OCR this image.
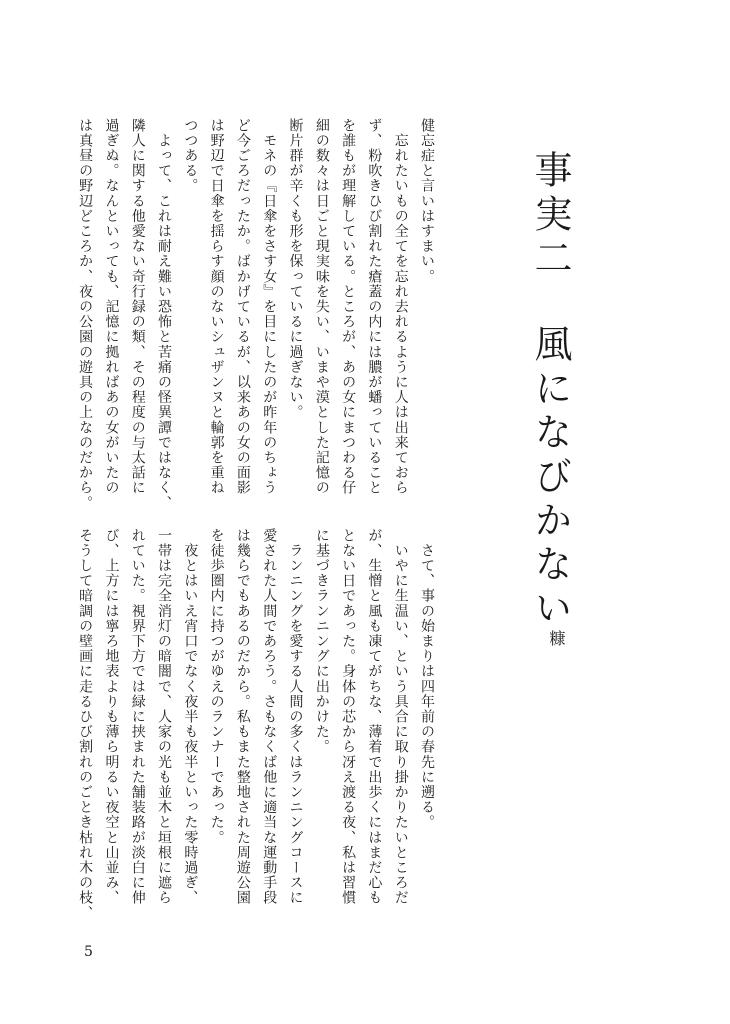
事実二風になびかない
糠
健忘症と言いはすまい。
　忘れたいもの全てを忘れ去れるように人は出来ておら
ず、粉吹きひび割れた瘡蓋の内には膿が蟠っていること
を誰もが理解している。ところが、あの女にまつわる仔
細の数々は日ごと現実味を失い、いまや漠とした記憶の
断片群が辛くも形を保っているに過ぎない。
　モネの『日傘をさす女』を目にしたのが昨年のちょう
ど今ごろだったか。ばかげているが、以来あの女の面影
は野辺で日傘を揺らす顔のないシュザンヌと輪郭を重ね
つつある。
　よって、これは耐え難い恐怖と苦痛の怪異譚ではなく、
隣人に関する他愛ない奇行録の類、その程度の与太話に
過ぎぬ。なんといっても、記憶に拠ればあの女がいたの
は真昼の野辺どころか、夜の公園の遊具の上なのだから。
　さて、事の始まりは四年前の春先に遡る。
　いやに生温い、という具合に取り掛かりたいところだ
が、生憎と風も凍てがちな、薄着で出歩くにはまだ心も
とない日であった。身体の芯から冴え渡る夜、私は習慣
に基づきランニングに出かけた。
　ランニングを愛する人間の多くはランニングコースに
愛された人間であろう。さもなくば他に適当な運動手段
は幾らでもあるのだから。私もまた整地された周遊公園
を徒歩圏内に持つがゆえのランナーであった。
　夜とはいえ宵口でなく夜半も夜半といった零時過ぎ、
一帯は完全消灯の暗闇で、人家の光も並木と垣根に遮ら
れていた。視界下方では緑に挟まれた舗装路が淡白に伸
び、上方には寧ろ地表よりも薄ら明るい夜空と山並み、
そうして暗調の壁画に走るひび割れのごとき枯れ木の枝、
5
